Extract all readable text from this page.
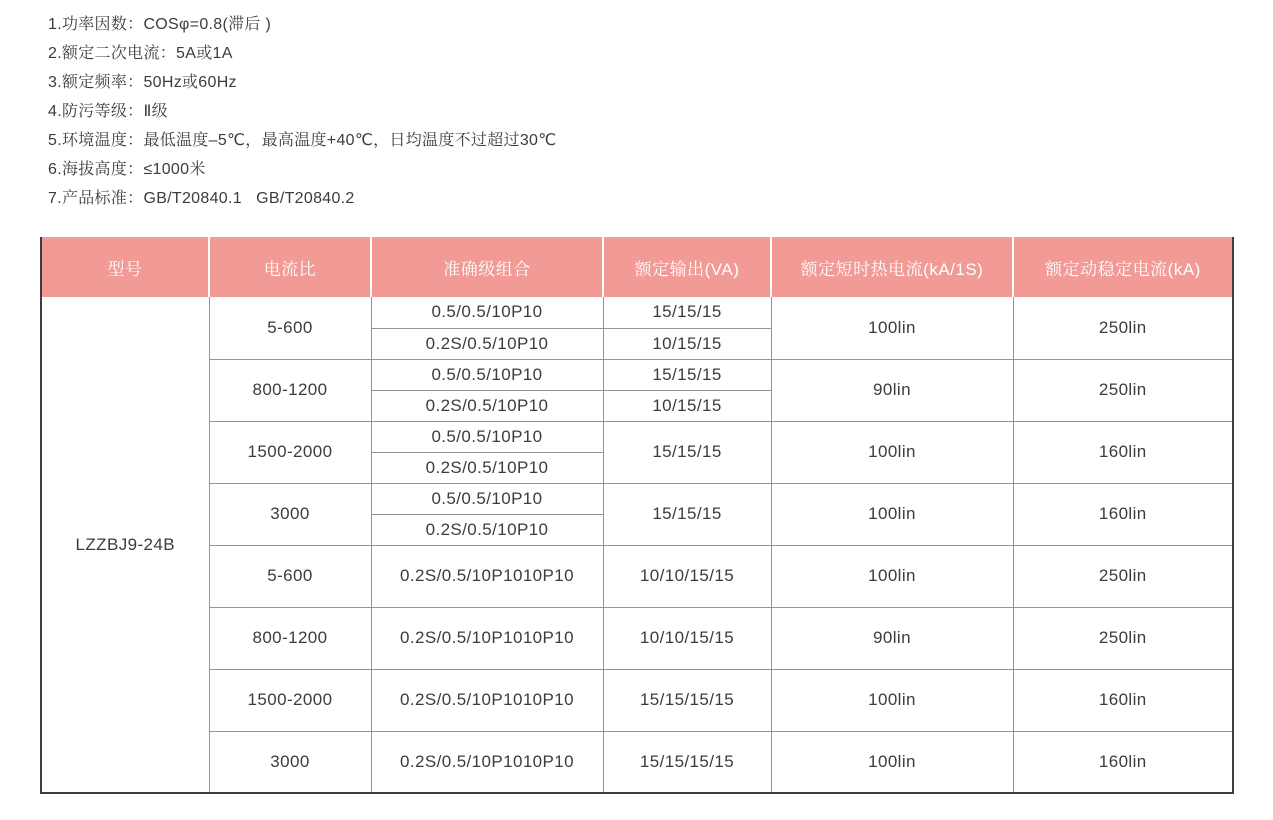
1.功率因数：COSφ=0.8(滞后 )
2.额定二次电流：5A或1A
3.额定频率：50Hz或60Hz
4.防污等级：Ⅱ级
5.环境温度：最低温度–5℃，最高温度+40℃，日均温度不过超过30℃
6.海拔高度：≤1000米
7.产品标准：GB/T20840.1   GB/T20840.2
型号	电流比	准确级组合	额定输出(VA)	额定短时热电流(kA/1S)	额定动稳定电流(kA)
LZZBJ9-24B	5-600	0.5/0.5/10P10	15/15/15	100lin	250lin
		0.2S/0.5/10P10	10/15/15		
	800-1200	0.5/0.5/10P10	15/15/15	90lin	250lin
		0.2S/0.5/10P10	10/15/15		
	1500-2000	0.5/0.5/10P10	15/15/15	100lin	160lin
		0.2S/0.5/10P10			
	3000	0.5/0.5/10P10	15/15/15	100lin	160lin
		0.2S/0.5/10P10			
	5-600	0.2S/0.5/10P1010P10	10/10/15/15	100lin	250lin
	800-1200	0.2S/0.5/10P1010P10	10/10/15/15	90lin	250lin
	1500-2000	0.2S/0.5/10P1010P10	15/15/15/15	100lin	160lin
	3000	0.2S/0.5/10P1010P10	15/15/15/15	100lin	160lin
